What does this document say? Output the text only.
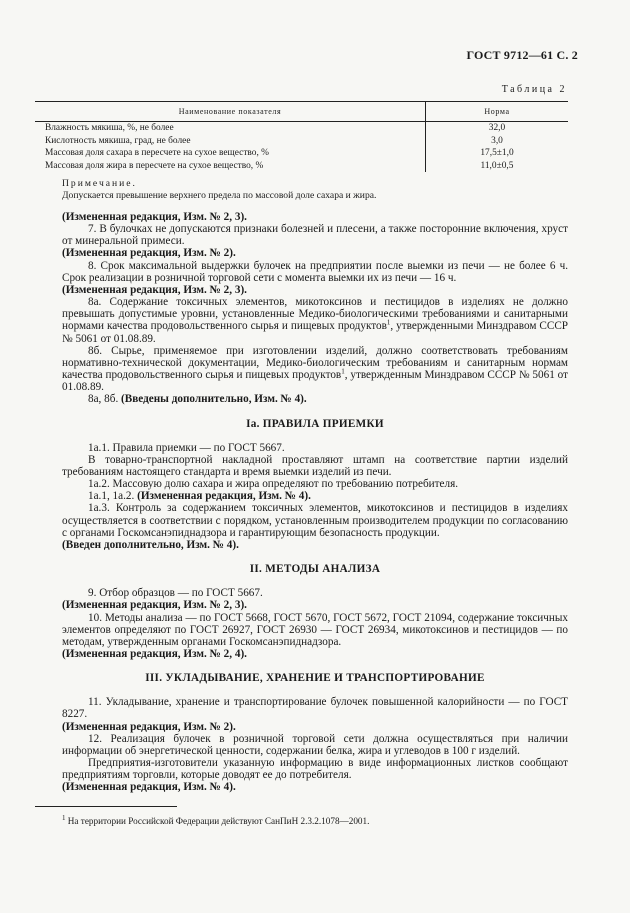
ГОСТ 9712—61 С. 2
Таблица 2
Наименование показателя	Норма
Влажность мякиша, %, не более	32,0
Кислотность мякиша, град, не более	3,0
Массовая доля сахара в пересчете на сухое вещество, %	17,5±1,0
Массовая доля жира в пересчете на сухое вещество, %	11,0±0,5
Примечание.
Допускается превышение верхнего предела по массовой доле сахара и жира.

(Измененная редакция, Изм. № 2, 3).

7. В булочках не допускаются признаки болезней и плесени, а также посторонние включения, хруст от минеральной примеси.

(Измененная редакция, Изм. № 2).

8. Срок максимальной выдержки булочек на предприятии после выемки из печи — не более 6 ч. Срок реализации в розничной торговой сети с момента выемки их из печи — 16 ч.

(Измененная редакция, Изм. № 2, 3).

8а. Содержание токсичных элементов, микотоксинов и пестицидов в изделиях не должно превышать допустимые уровни, установленные Медико-биологическими требованиями и санитарными нормами качества продовольственного сырья и пищевых продуктов$^1$, утвержденными Минздравом СССР № 5061 от 01.08.89.

8б. Сырье, применяемое при изготовлении изделий, должно соответствовать требованиям нормативно-технической документации, Медико-биологическим требованиям и санитарным нормам качества продовольственного сырья и пищевых продуктов$^1$, утвержденным Минздравом СССР № 5061 от 01.08.89.

8а, 8б. (Введены дополнительно, Изм. № 4).

Iа. ПРАВИЛА ПРИЕМКИ

1а.1. Правила приемки — по ГОСТ 5667.

В товарно-транспортной накладной проставляют штамп на соответствие партии изделий требованиям настоящего стандарта и время выемки изделий из печи.

1а.2. Массовую долю сахара и жира определяют по требованию потребителя.

1а.1, 1а.2. (Измененная редакция, Изм. № 4).

1а.3. Контроль за содержанием токсичных элементов, микотоксинов и пестицидов в изделиях осуществляется в соответствии с порядком, установленным производителем продукции по согласованию с органами Госкомсанэпиднадзора и гарантирующим безопасность продукции.

(Введен дополнительно, Изм. № 4).

II. МЕТОДЫ АНАЛИЗА

9. Отбор образцов — по ГОСТ 5667.

(Измененная редакция, Изм. № 2, 3).

10. Методы анализа — по ГОСТ 5668, ГОСТ 5670, ГОСТ 5672, ГОСТ 21094, содержание токсичных элементов определяют по ГОСТ 26927, ГОСТ 26930 — ГОСТ 26934, микотоксинов и пестицидов — по методам, утвержденным органами Госкомсанэпиднадзора.

(Измененная редакция, Изм. № 2, 4).

III. УКЛАДЫВАНИЕ, ХРАНЕНИЕ И ТРАНСПОРТИРОВАНИЕ

11. Укладывание, хранение и транспортирование булочек повышенной калорийности — по ГОСТ 8227.

(Измененная редакция, Изм. № 2).

12. Реализация булочек в розничной торговой сети должна осуществляться при наличии информации об энергетической ценности, содержании белка, жира и углеводов в 100 г изделий.

Предприятия-изготовители указанную информацию в виде информационных листков сообщают предприятиям торговли, которые доводят ее до потребителя.

(Измененная редакция, Изм. № 4).

$^1$ На территории Российской Федерации действуют СанПиН 2.3.2.1078—2001.
